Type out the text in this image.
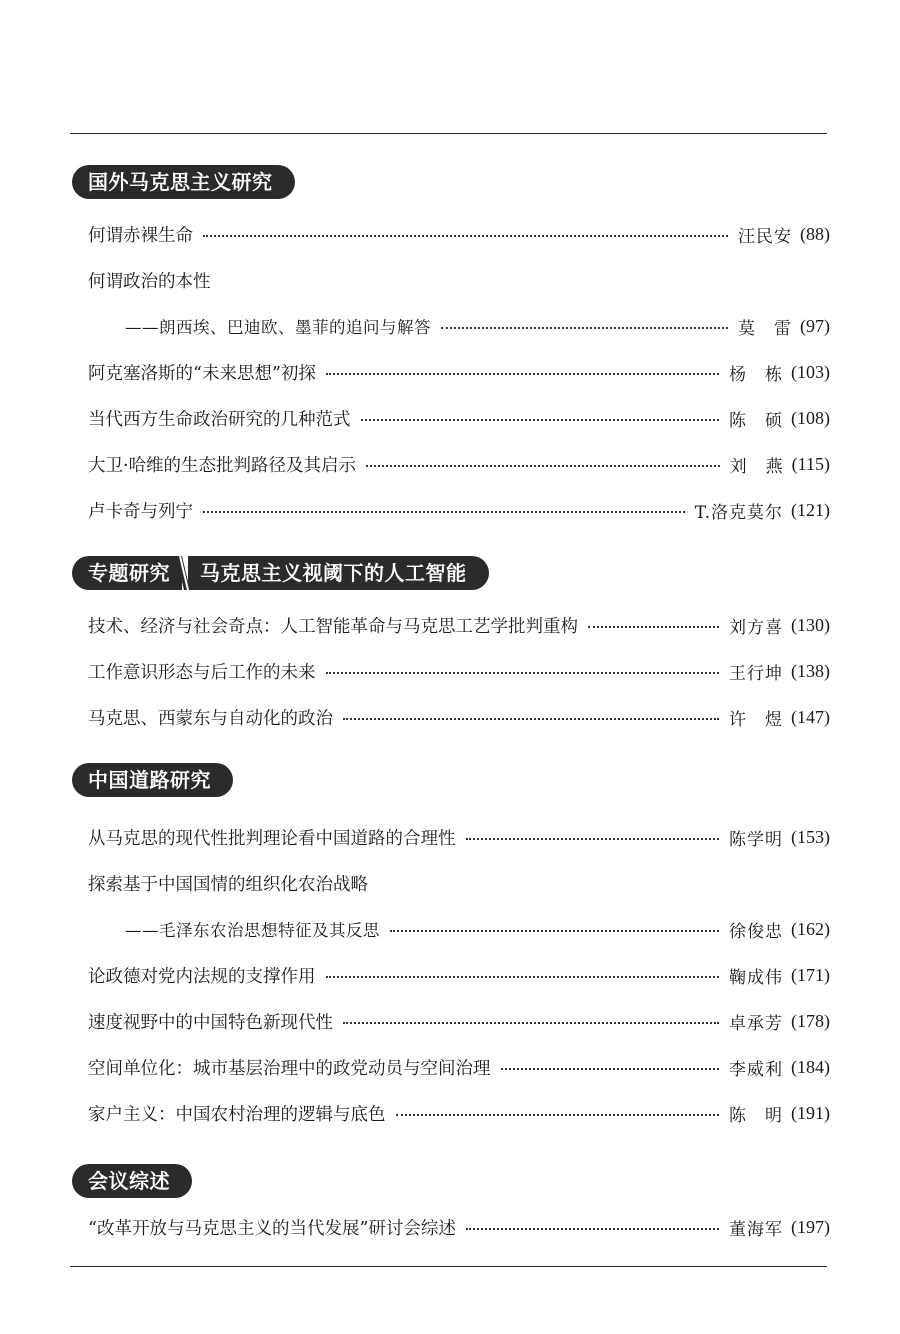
国外马克思主义研究
何谓赤裸生命	汪民安 (88)
何谓政治的本性
——朗西埃、巴迪欧、墨菲的追问与解答	莫　雷 (97)
阿克塞洛斯的“未来思想”初探	杨　栋 (103)
当代西方生命政治研究的几种范式	陈　硕 (108)
大卫·哈维的生态批判路径及其启示	刘　燕 (115)
卢卡奇与列宁	T.洛克莫尔 (121)
专题研究	马克思主义视阈下的人工智能
技术、经济与社会奇点：人工智能革命与马克思工艺学批判重构	刘方喜 (130)
工作意识形态与后工作的未来	王行坤 (138)
马克思、西蒙东与自动化的政治	许　煜 (147)
中国道路研究
从马克思的现代性批判理论看中国道路的合理性	陈学明 (153)
探索基于中国国情的组织化农治战略
——毛泽东农治思想特征及其反思	徐俊忠 (162)
论政德对党内法规的支撑作用	鞠成伟 (171)
速度视野中的中国特色新现代性	卓承芳 (178)
空间单位化：城市基层治理中的政党动员与空间治理	李威利 (184)
家户主义：中国农村治理的逻辑与底色	陈　明 (191)
会议综述
“改革开放与马克思主义的当代发展”研讨会综述	董海军 (197)
